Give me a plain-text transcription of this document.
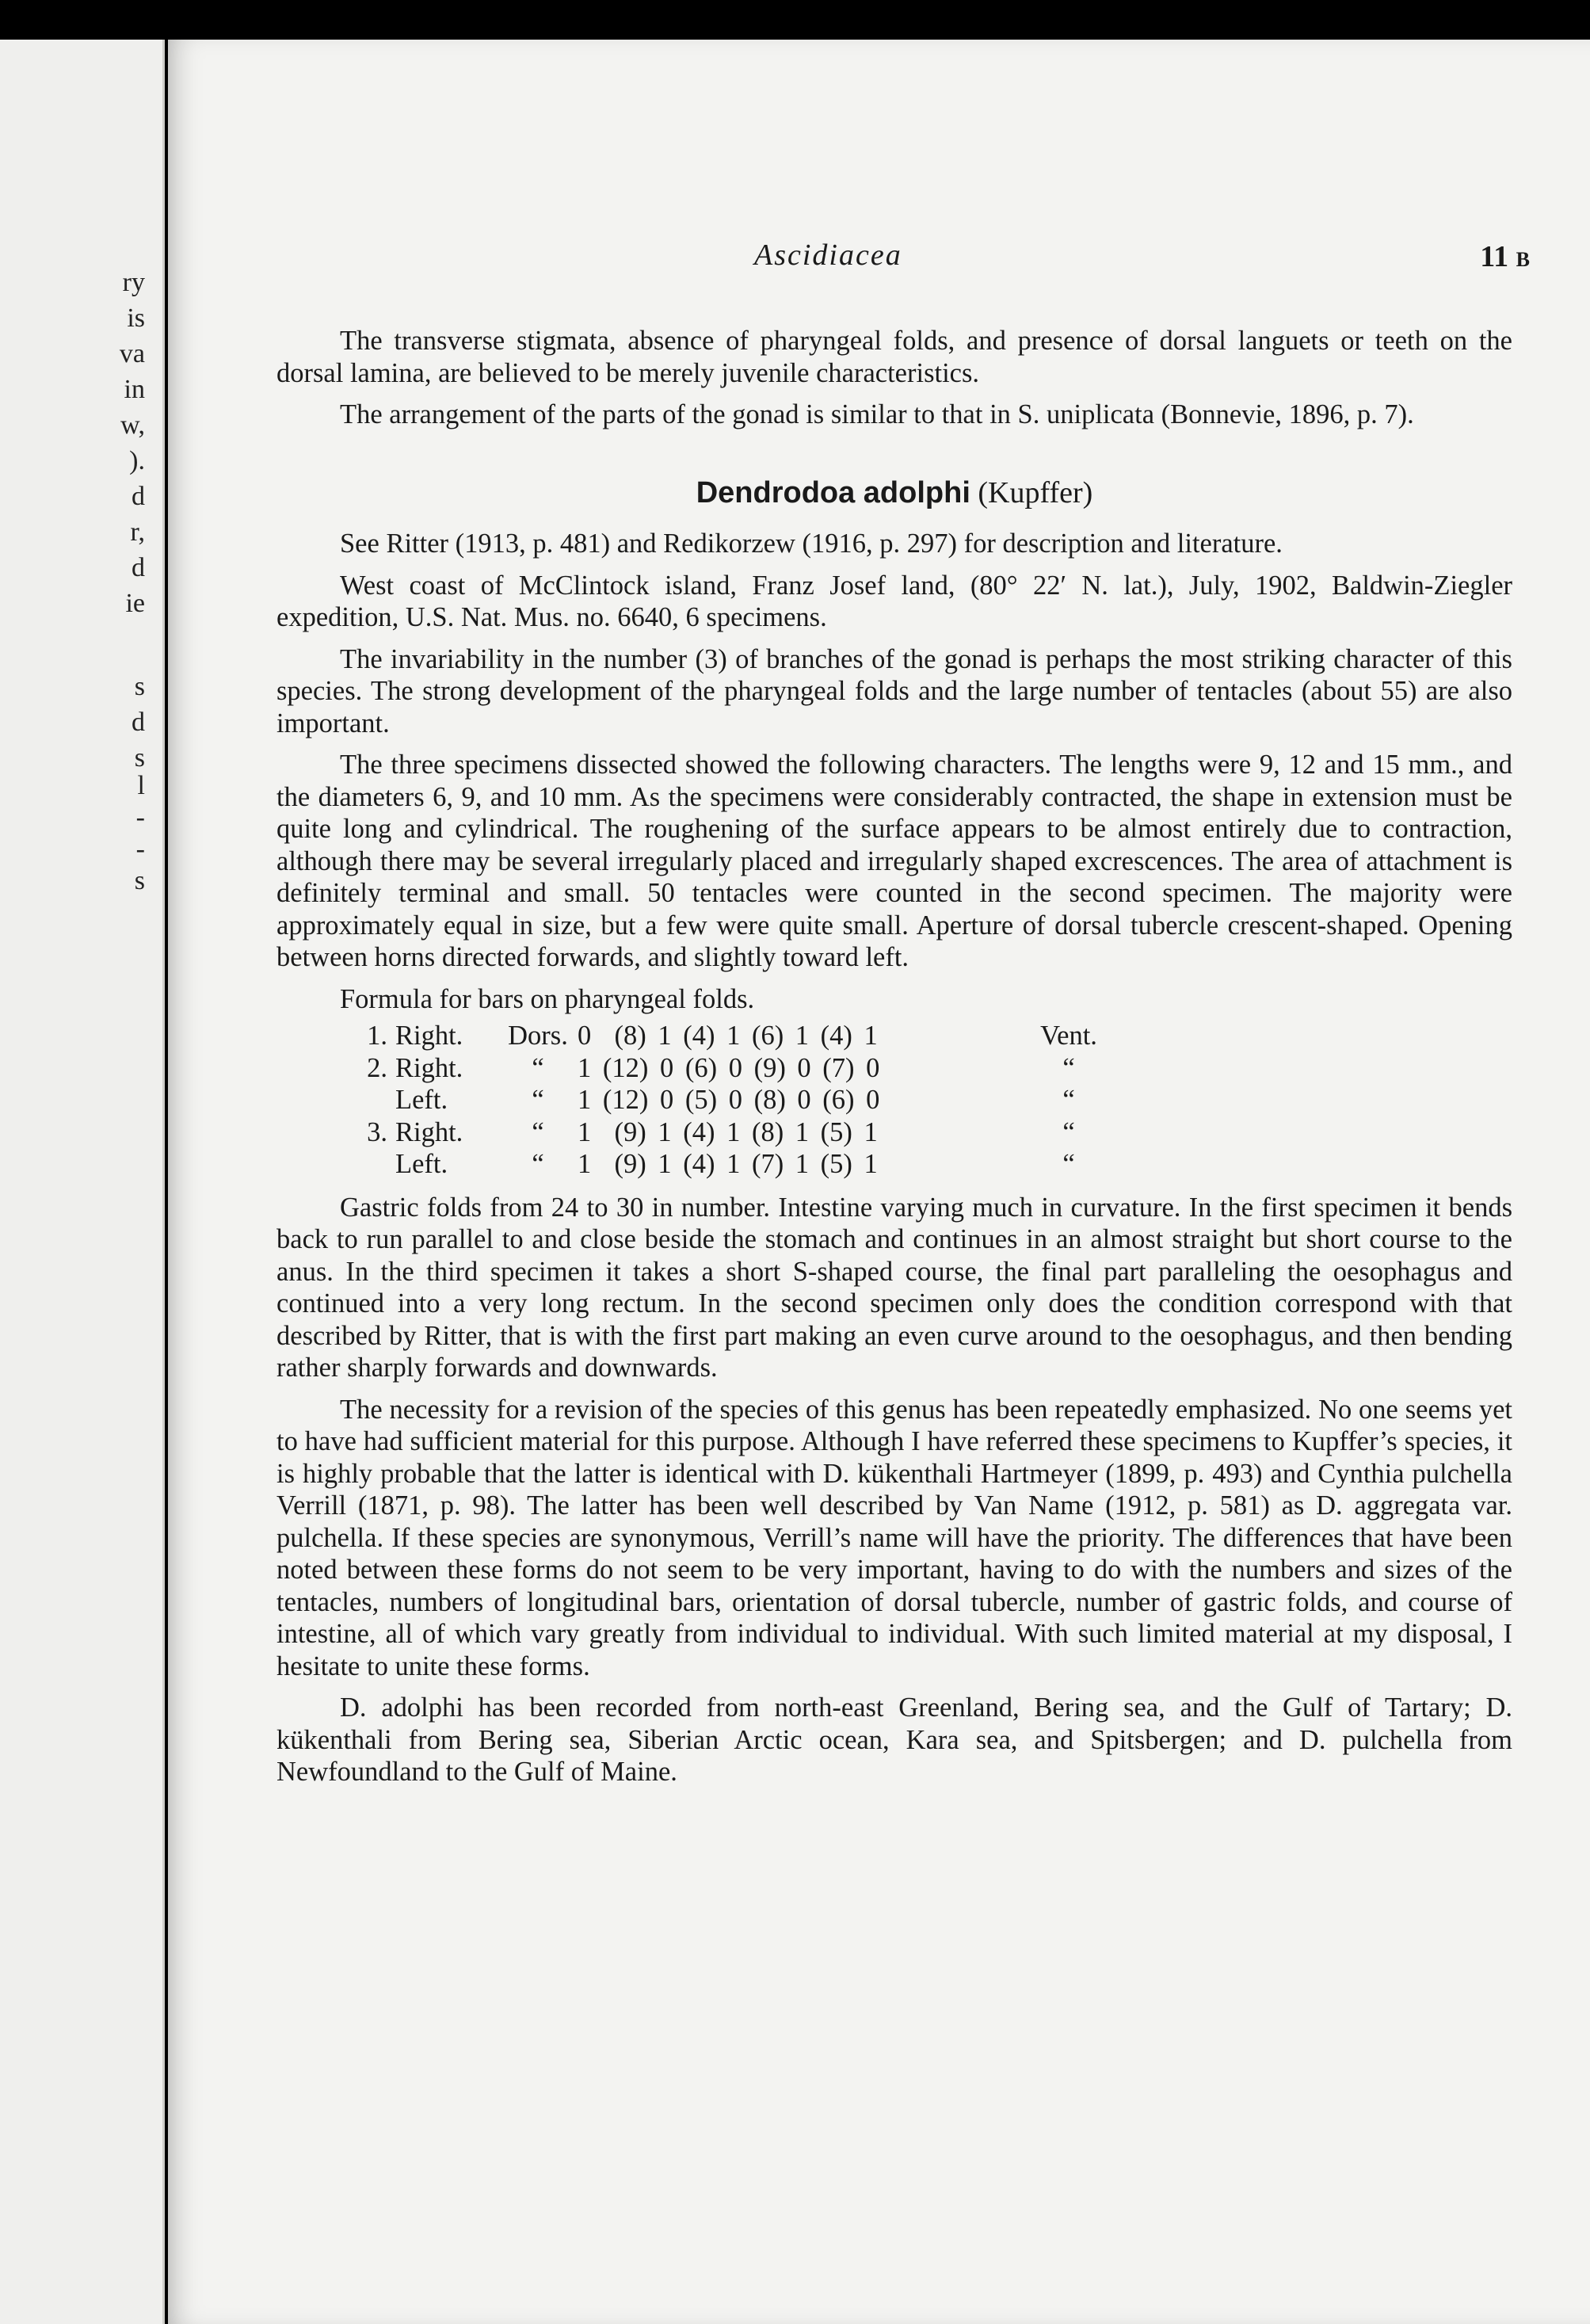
ry
is
va
in
w,
).
d
r,
d
ie
s
d
s
l
-
-
s
Ascidiacea	11 B

The transverse stigmata, absence of pharyngeal folds, and presence of dorsal languets or teeth on the dorsal lamina, are believed to be merely juvenile characteristics.

The arrangement of the parts of the gonad is similar to that in S. uniplicata (Bonnevie, 1896, p. 7).

Dendrodoa adolphi (Kupffer)

See Ritter (1913, p. 481) and Redikorzew (1916, p. 297) for description and literature.

West coast of McClintock island, Franz Josef land, (80° 22′ N. lat.), July, 1902, Baldwin-Ziegler expedition, U.S. Nat. Mus. no. 6640, 6 specimens.

The invariability in the number (3) of branches of the gonad is perhaps the most striking character of this species. The strong development of the pharyngeal folds and the large number of tentacles (about 55) are also important.

The three specimens dissected showed the following characters. The lengths were 9, 12 and 15 mm., and the diameters 6, 9, and 10 mm. As the specimens were considerably contracted, the shape in extension must be quite long and cylindrical. The roughening of the surface appears to be almost entirely due to contraction, although there may be several irregularly placed and irregularly shaped excrescences. The area of attachment is definitely terminal and small. 50 tentacles were counted in the second specimen. The majority were approximately equal in size, but a few were quite small. Aperture of dorsal tubercle crescent-shaped. Opening between horns directed forwards, and slightly toward left.

Formula for bars on pharyngeal folds.
1. Right.	Dors. 0  (8) 1 (4) 1 (6) 1 (4) 1	Vent.
2. Right.	“	1 (12) 0 (6) 0 (9) 0 (7) 0	“
Left.	“	1 (12) 0 (5) 0 (8) 0 (6) 0	“
3. Right.	“	1  (9) 1 (4) 1 (8) 1 (5) 1	“
Left.	“	1  (9) 1 (4) 1 (7) 1 (5) 1	“

Gastric folds from 24 to 30 in number. Intestine varying much in curvature. In the first specimen it bends back to run parallel to and close beside the stomach and continues in an almost straight but short course to the anus. In the third specimen it takes a short S-shaped course, the final part paralleling the oesophagus and continued into a very long rectum. In the second specimen only does the condition correspond with that described by Ritter, that is with the first part making an even curve around to the oesophagus, and then bending rather sharply forwards and downwards.

The necessity for a revision of the species of this genus has been repeatedly emphasized. No one seems yet to have had sufficient material for this purpose. Although I have referred these specimens to Kupffer’s species, it is highly probable that the latter is identical with D. kükenthali Hartmeyer (1899, p. 493) and Cynthia pulchella Verrill (1871, p. 98). The latter has been well described by Van Name (1912, p. 581) as D. aggregata var. pulchella. If these species are synonymous, Verrill’s name will have the priority. The differences that have been noted between these forms do not seem to be very important, having to do with the numbers and sizes of the tentacles, numbers of longitudinal bars, orientation of dorsal tubercle, number of gastric folds, and course of intestine, all of which vary greatly from individual to individual. With such limited material at my disposal, I hesitate to unite these forms.

D. adolphi has been recorded from north-east Greenland, Bering sea, and the Gulf of Tartary; D. kükenthali from Bering sea, Siberian Arctic ocean, Kara sea, and Spitsbergen; and D. pulchella from Newfoundland to the Gulf of Maine.
